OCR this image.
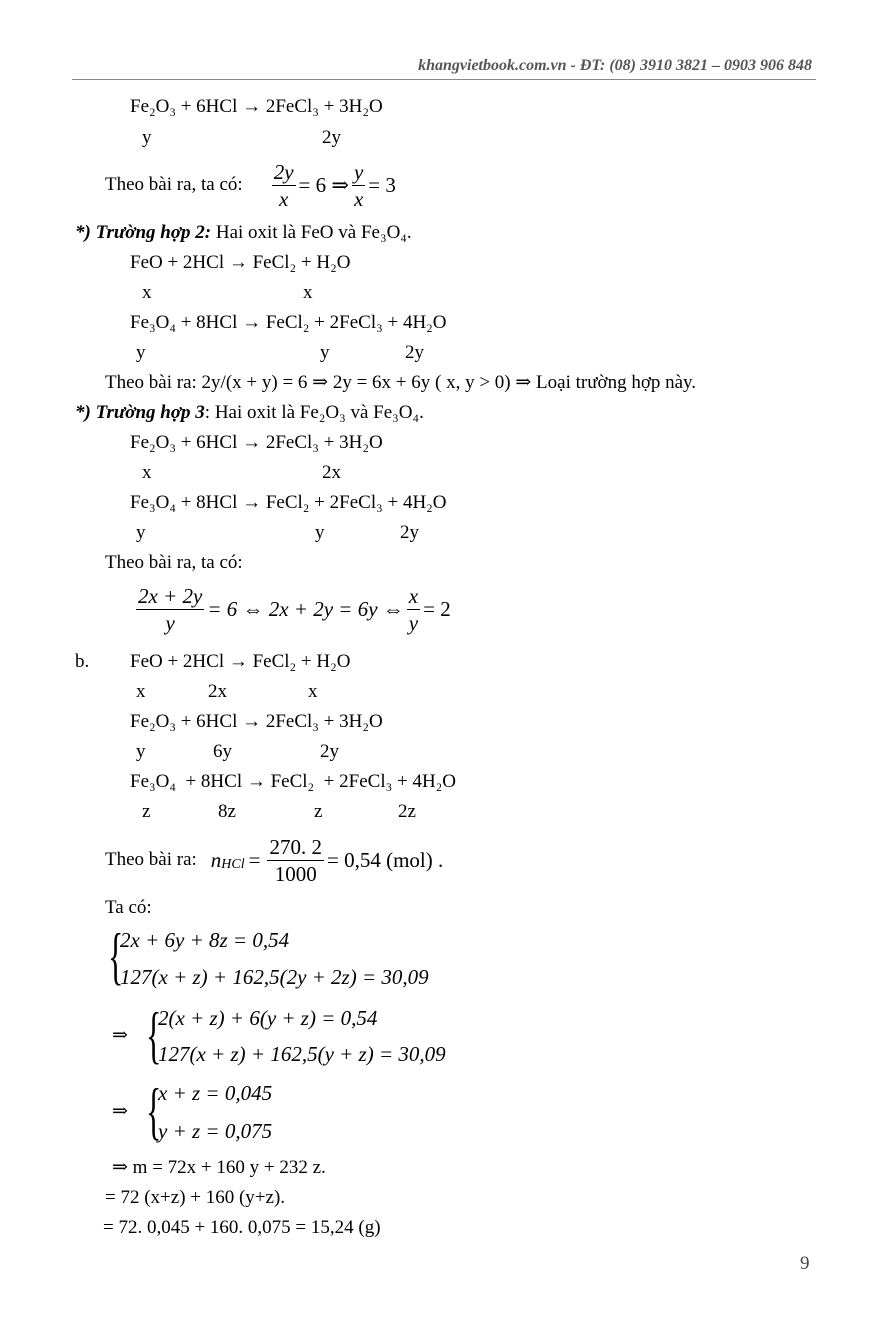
khangvietbook.com.vn - ĐT: (08) 3910 3821 – 0903 906 848
Fe₂O₃ + 6HCl → 2FeCl₃ + 3H₂O
y	2y
Theo bài ra, ta có: $\frac{2y}{x} = 6$ ⇒ $\frac{y}{x} = 3$
*) Trường hợp 2: Hai oxit là FeO và Fe₃O₄.
FeO + 2HCl → FeCl₂ + H₂O
x	x
Fe₃O₄ + 8HCl → FeCl₂ + 2FeCl₃ + 4H₂O
y	y	2y
Theo bài ra: 2y/(x + y) = 6 ⇒ 2y = 6x + 6y ( x, y > 0) ⇒ Loại trường hợp này.
*) Trường hợp 3: Hai oxit là Fe₂O₃ và Fe₃O₄.
Fe₂O₃ + 6HCl → 2FeCl₃ + 3H₂O
x	2x
Fe₃O₄ + 8HCl → FeCl₂ + 2FeCl₃ + 4H₂O
y	y	2y
Theo bài ra, ta có:
$\frac{2x + 2y}{y} = 6$ ⇔ 2x + 2y = 6y ⇔ $\frac{x}{y} = 2$
b. FeO + 2HCl → FeCl₂ + H₂O
x	2x	x
Fe₂O₃ + 6HCl → 2FeCl₃ + 3H₂O
y	6y	2y
Fe₃O₄  + 8HCl → FeCl₂  + 2FeCl₃ + 4H₂O
z	8z	z	2z
Theo bài ra: $n_{HCl} = \frac{270. 2}{1000} = 0,54$ (mol) .
Ta có:
{
2x + 6y + 8z = 0,54
127(x + z) + 162,5(2y + 2z) = 30,09
⇒ {
2(x + z) + 6(y + z) = 0,54
127(x + z) + 162,5(y + z) = 30,09
⇒ {
x + z = 0,045
y + z = 0,075
⇒ m = 72x + 160 y + 232 z.
= 72 (x+z) + 160 (y+z).
= 72. 0,045 + 160. 0,075 = 15,24 (g)
9
